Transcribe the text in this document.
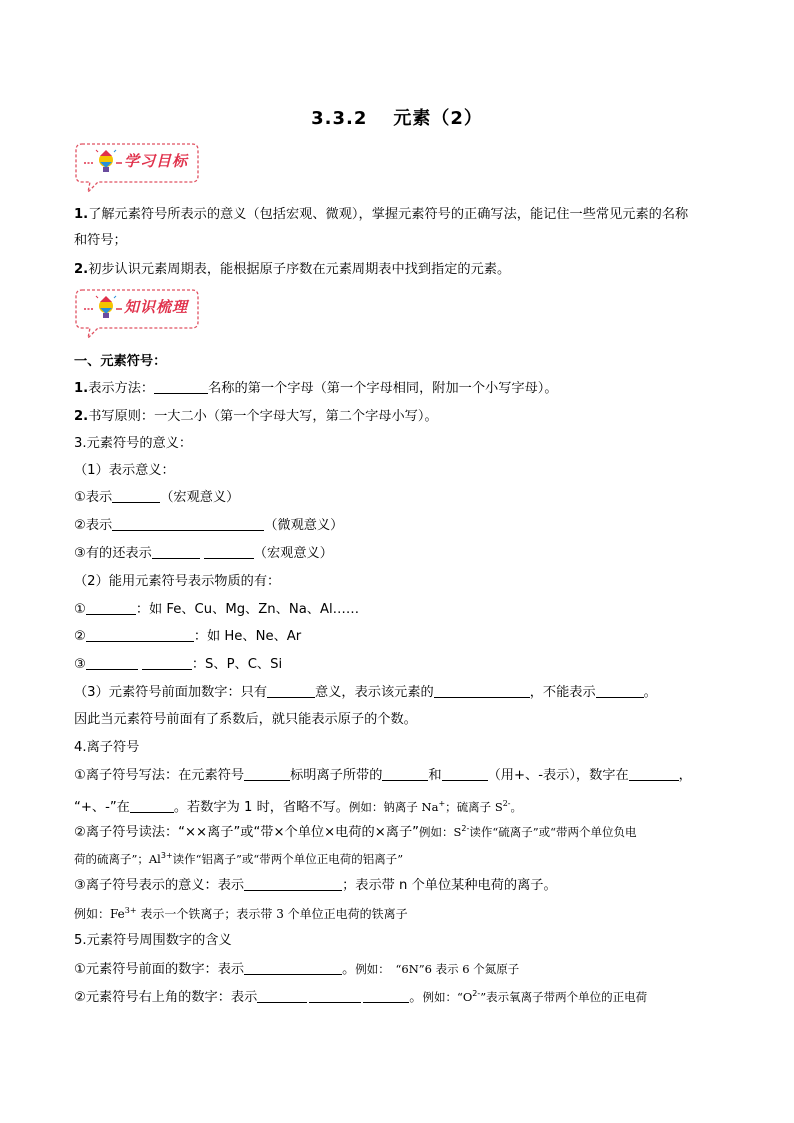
3.3.2 元素（2）
学习目标
1.了解元素符号所表示的意义（包括宏观、微观），掌握元素符号的正确写法，能记住一些常见元素的名称
和符号；
2.初步认识元素周期表，能根据原子序数在元素周期表中找到指定的元素。
知识梳理
一、元素符号：
1.表示方法：	名称的第一个字母（第一个字母相同，附加一个小写字母）。
2.书写原则：一大二小（第一个字母大写，第二个字母小写）。
3.元素符号的意义：
（1）表示意义：
①表示	（宏观意义）
②表示	（微观意义）
③有的还表示	（宏观意义）
（2）能用元素符号表示物质的有：
①	：如 Fe、Cu、Mg、Zn、Na、Al……
②	：如 He、Ne、Ar
③	：S、P、C、Si
（3）元素符号前面加数字：只有	意义，表示该元素的	，不能表示	。
因此当元素符号前面有了系数后，就只能表示原子的个数。
4.离子符号
①离子符号写法：在元素符号	标明离子所带的	和	（用+、-表示），数字在	，
“+、-”在	。若数字为 1 时，省略不写。例如：钠离子 Na+；硫离子 $S^{2-}$。
②离子符号读法：“××离子”或“带×个单位×电荷的×离子”例如：$S^{2-}$读作“硫离子”或“带两个单位负电
荷的硫离子”；$Al^{3+}$读作“铝离子”或“带两个单位正电荷的铝离子”
③离子符号表示的意义：表示	；表示带 n 个单位某种电荷的离子。
例如：$Fe^{3+}$ 表示一个铁离子；表示带 3 个单位正电荷的铁离子
5.元素符号周围数字的含义
①元素符号前面的数字：表示	。例如：　“6N”6 表示 6 个氮原子
②元素符号右上角的数字：表示	。例如：“$O^{2-}$”表示氧离子带两个单位的正电荷
